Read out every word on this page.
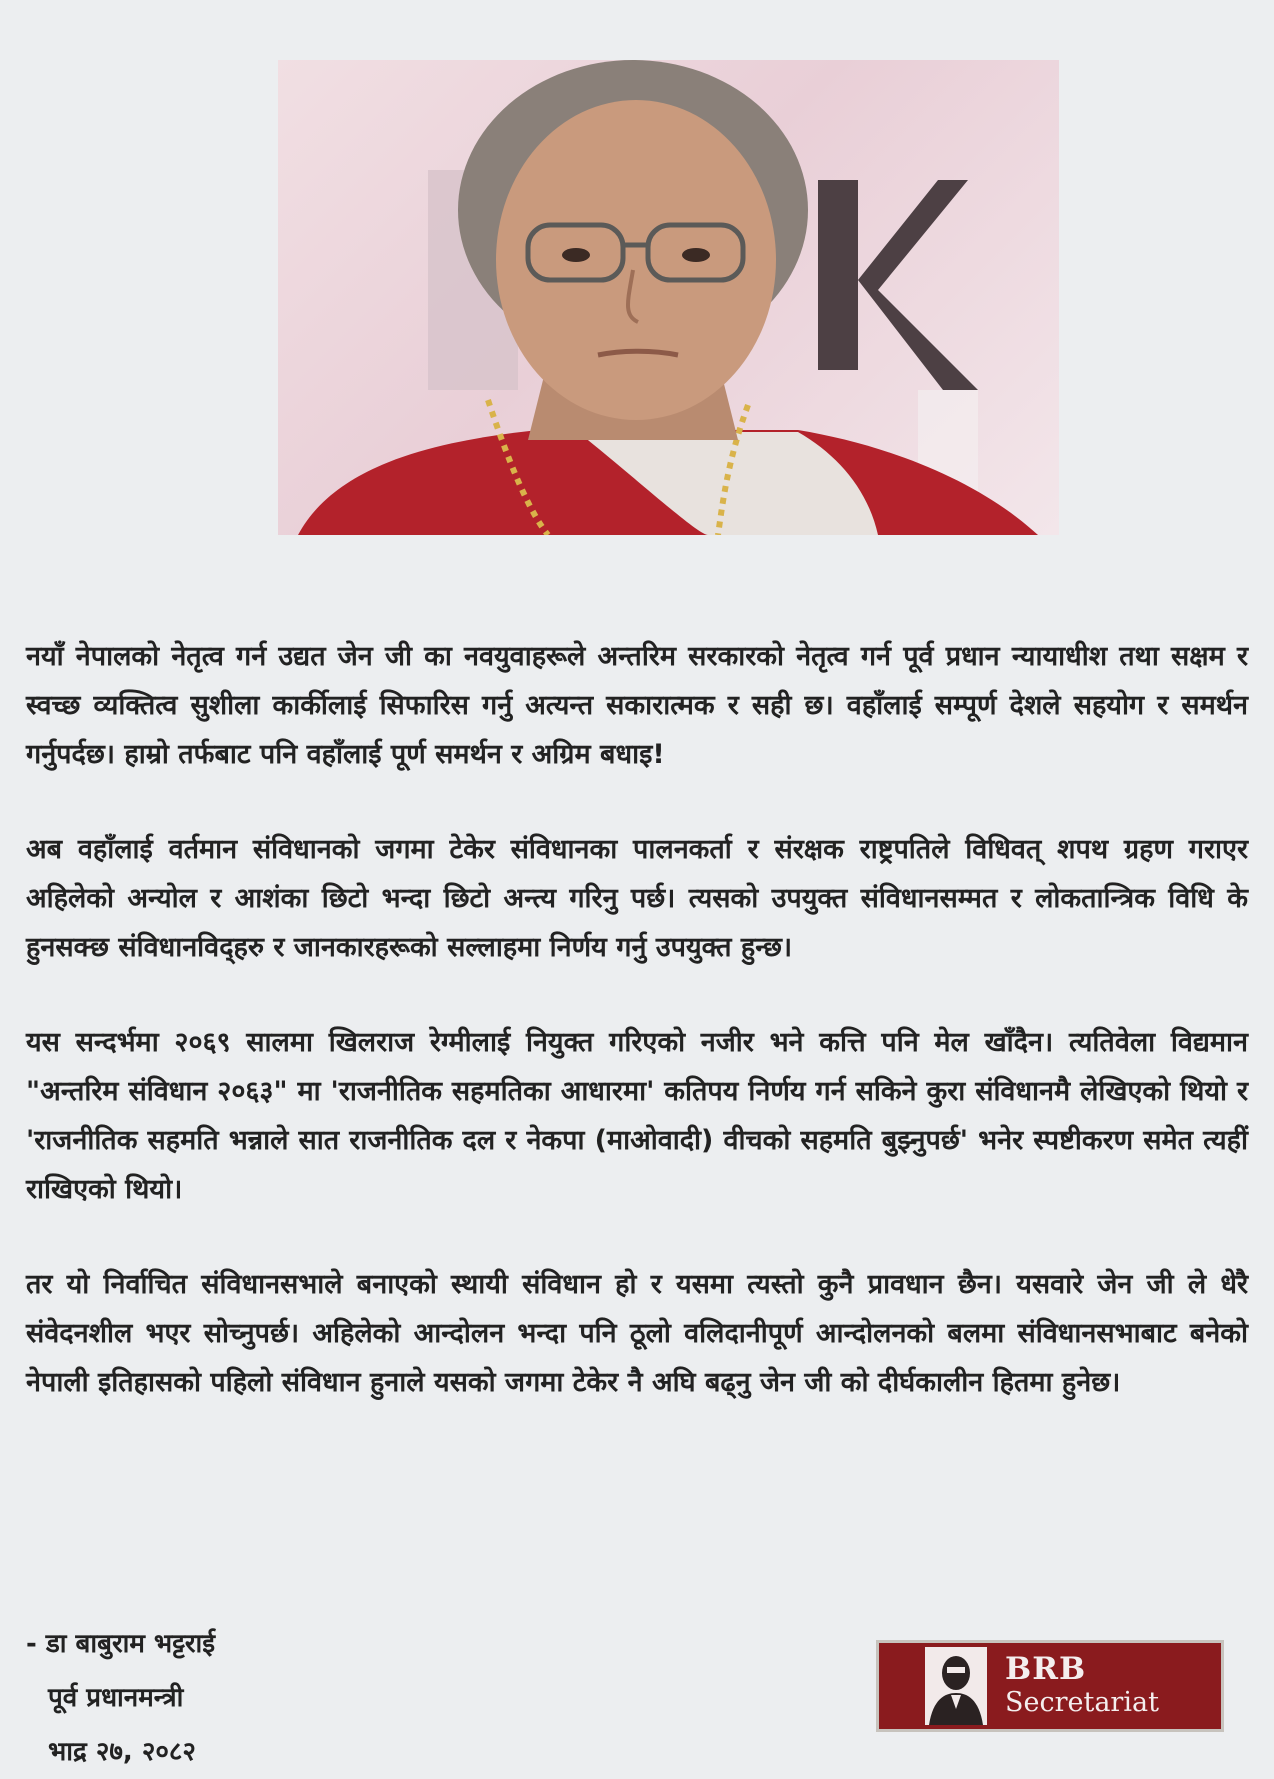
नयाँ नेपालको नेतृत्व गर्न उद्यत जेन जी का नवयुवाहरूले अन्तरिम सरकारको नेतृत्व गर्न पूर्व प्रधान न्यायाधीश तथा सक्षम र स्वच्छ व्यक्तित्व सुशीला कार्कीलाई सिफारिस गर्नु अत्यन्त सकारात्मक र सही छ। वहाँलाई सम्पूर्ण देशले सहयोग र समर्थन गर्नुपर्दछ। हाम्रो तर्फबाट पनि वहाँलाई पूर्ण समर्थन र अग्रिम बधाइ!

अब वहाँलाई वर्तमान संविधानको जगमा टेकेर संविधानका पालनकर्ता र संरक्षक राष्ट्रपतिले विधिवत् शपथ ग्रहण गराएर अहिलेको अन्योल र आशंका छिटो भन्दा छिटो अन्त्य गरिनु पर्छ। त्यसको उपयुक्त संविधानसम्मत र लोकतान्त्रिक विधि के हुनसक्छ संविधानविद्हरु र जानकारहरूको सल्लाहमा निर्णय गर्नु उपयुक्त हुन्छ।

यस सन्दर्भमा २०६९ सालमा खिलराज रेग्मीलाई नियुक्त गरिएको नजीर भने कत्ति पनि मेल खाँदैन। त्यतिवेला विद्यमान "अन्तरिम संविधान २०६३" मा 'राजनीतिक सहमतिका आधारमा' कतिपय निर्णय गर्न सकिने कुरा संविधानमै लेखिएको थियो र 'राजनीतिक सहमति भन्नाले सात राजनीतिक दल र नेकपा (माओवादी) वीचको सहमति बुझ्नुपर्छ' भनेर स्पष्टीकरण समेत त्यहीं राखिएको थियो।

तर यो निर्वाचित संविधानसभाले बनाएको स्थायी संविधान हो र यसमा त्यस्तो कुनै प्रावधान छैन। यसवारे जेन जी ले धेरै संवेदनशील भएर सोच्नुपर्छ। अहिलेको आन्दोलन भन्दा पनि ठूलो वलिदानीपूर्ण आन्दोलनको बलमा संविधानसभाबाट बनेको नेपाली इतिहासको पहिलो संविधान हुनाले यसको जगमा टेकेर नै अघि बढ्नु जेन जी को दीर्घकालीन हितमा हुनेछ।

- डा बाबुराम भट्टराई
पूर्व प्रधानमन्त्री
भाद्र २७, २०८२
BRB
Secretariat
